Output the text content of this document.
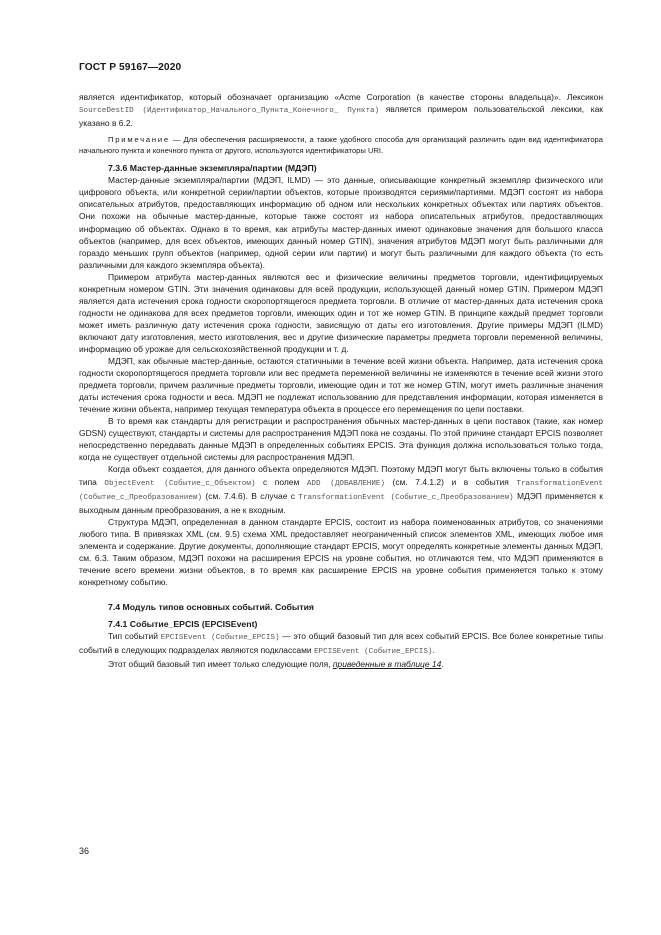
ГОСТ Р 59167—2020

является идентификатор, который обозначает организацию «Acme Corporation (в качестве стороны владельца)». Лексикон SourceDestID (Идентификатор_Начального_Пункта_Конечного_ Пункта) является примером пользовательской лексики, как указано в 6.2.

Примечание — Для обеспечения расширяемости, а также удобного способа для организаций различить один вид идентификатора начального пункта и конечного пункта от другого, используются идентификаторы URI.

7.3.6 Мастер-данные экземпляра/партии (МДЭП)

Мастер-данные экземпляра/партии (МДЭП, ILMD) — это данные, описывающие конкретный экземпляр физического или цифрового объекта, или конкретной серии/партии объектов, которые производятся сериями/партиями. МДЭП состоят из набора описательных атрибутов, предоставляющих информацию об одном или нескольких конкретных объектах или партиях объектов. Они похожи на обычные мастер-данные, которые также состоят из набора описательных атрибутов, предоставляющих информацию об объектах. Однако в то время, как атрибуты мастер-данных имеют одинаковые значения для большого класса объектов (например, для всех объектов, имеющих данный номер GTIN), значения атрибутов МДЭП могут быть различными для гораздо меньших групп объектов (например, одной серии или партии) и могут быть различными для каждого объекта (то есть различными для каждого экземпляра объекта).

Примером атрибута мастер-данных являются вес и физические величины предметов торговли, идентифицируемых конкретным номером GTIN. Эти значения одинаковы для всей продукции, использующей данный номер GTIN. Примером МДЭП является дата истечения срока годности скоропортящегося предмета торговли. В отличие от мастер-данных дата истечения срока годности не одинакова для всех предметов торговли, имеющих один и тот же номер GTIN. В принципе каждый предмет торговли может иметь различную дату истечения срока годности, зависящую от даты его изготовления. Другие примеры МДЭП (ILMD) включают дату изготовления, место изготовления, вес и другие физические параметры предмета торговли переменной величины, информацию об урожае для сельскохозяйственной продукции и т. д.

МДЭП, как обычные мастер-данные, остаются статичными в течение всей жизни объекта. Например, дата истечения срока годности скоропортящегося предмета торговли или вес предмета переменной величины не изменяются в течение всей жизни этого предмета торговли, причем различные предметы торговли, имеющие один и тот же номер GTIN, могут иметь различные значения даты истечения срока годности и веса. МДЭП не подлежат использованию для представления информации, которая изменяется в течение жизни объекта, например текущая температура объекта в процессе его перемещения по цепи поставки.

В то время как стандарты для регистрации и распространения обычных мастер-данных в цепи поставок (такие, как номер GDSN) существуют, стандарты и системы для распространения МДЭП пока не созданы. По этой причине стандарт EPCIS позволяет непосредственно передавать данные МДЭП в определенных событиях EPCIS. Эта функция должна использоваться только тогда, когда не существует отдельной системы для распространения МДЭП.

Когда объект создается, для данного объекта определяются МДЭП. Поэтому МДЭП могут быть включены только в события типа ObjectEvent (Событие_с_Объектом) с полем ADD (ДОБАВЛЕНИЕ) (см. 7.4.1.2) и в события TransformationEvent (Событие_с_Преобразованием) (см. 7.4.6). В случае с TransformationEvent (Событие_с_Преобразованием) МДЭП применяется к выходным данным преобразования, а не к входным.

Структура МДЭП, определенная в данном стандарте EPCIS, состоит из набора поименованных атрибутов, со значениями любого типа. В привязках XML (см. 9.5) схема XML предоставляет неограниченный список элементов XML, имеющих любое имя элемента и содержание. Другие документы, дополняющие стандарт EPCIS, могут определять конкретные элементы данных МДЭП, см. 6.3. Таким образом, МДЭП похожи на расширения EPCIS на уровне события, но отличаются тем, что МДЭП применяются в течение всего времени жизни объектов, в то время как расширение EPCIS на уровне события применяется только к этому конкретному событию.

7.4 Модуль типов основных событий. События
7.4.1 Событие_EPCIS (EPCISEvent)

Тип событий EPCISEvent (Событие_EPCIS) — это общий базовый тип для всех событий EPCIS. Все более конкретные типы событий в следующих подразделах являются подклассами EPCISEvent (Событие_EPCIS).

Этот общий базовый тип имеет только следующие поля, приведенные в таблице 14.

36
